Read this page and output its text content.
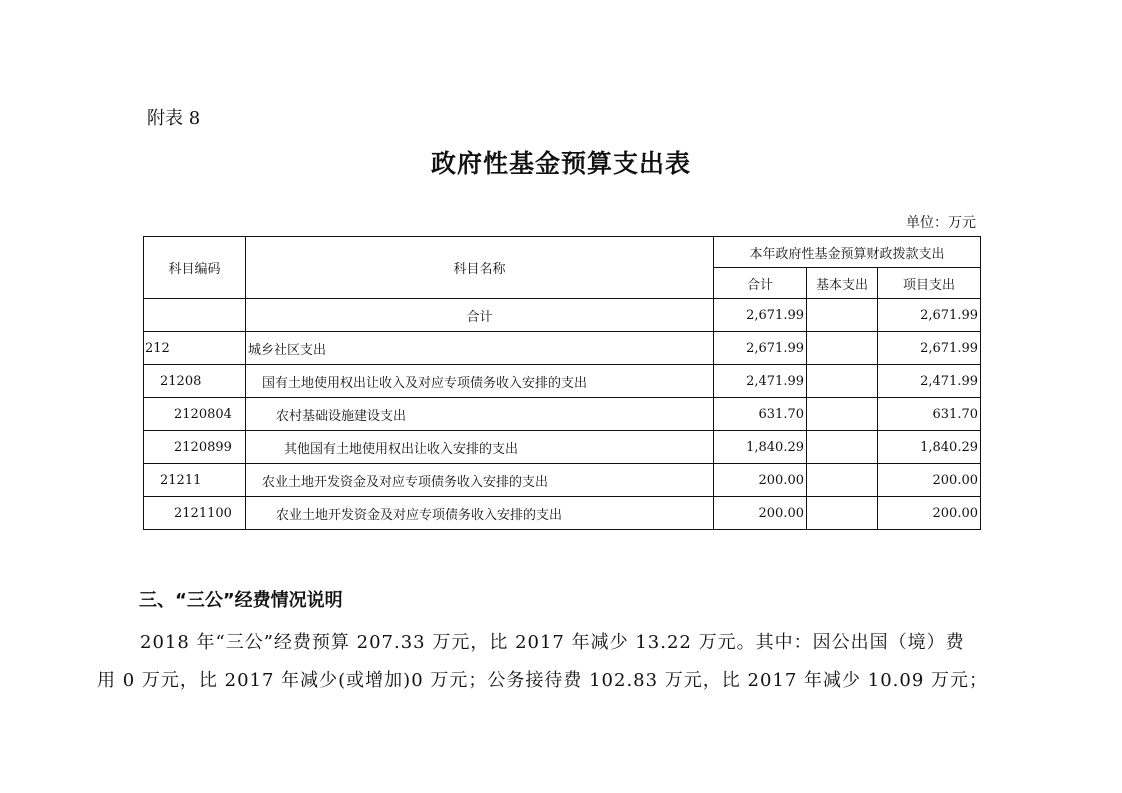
附表 8
政府性基金预算支出表
单位：万元
科目编码	科目名称	本年政府性基金预算财政拨款支出		
		合计	基本支出	项目支出
	合计	2,671.99		2,671.99
212	城乡社区支出	2,671.99		2,671.99
21208	国有土地使用权出让收入及对应专项债务收入安排的支出	2,471.99		2,471.99
2120804	农村基础设施建设支出	631.70		631.70
2120899	其他国有土地使用权出让收入安排的支出	1,840.29		1,840.29
21211	农业土地开发资金及对应专项债务收入安排的支出	200.00		200.00
2121100	农业土地开发资金及对应专项债务收入安排的支出	200.00		200.00
三、“三公”经费情况说明
2018 年“三公”经费预算 207.33 万元，比 2017 年减少 13.22 万元。其中：因公出国（境）费
用 0 万元，比 2017 年减少(或增加)0 万元；公务接待费 102.83 万元，比 2017 年减少 10.09 万元；
